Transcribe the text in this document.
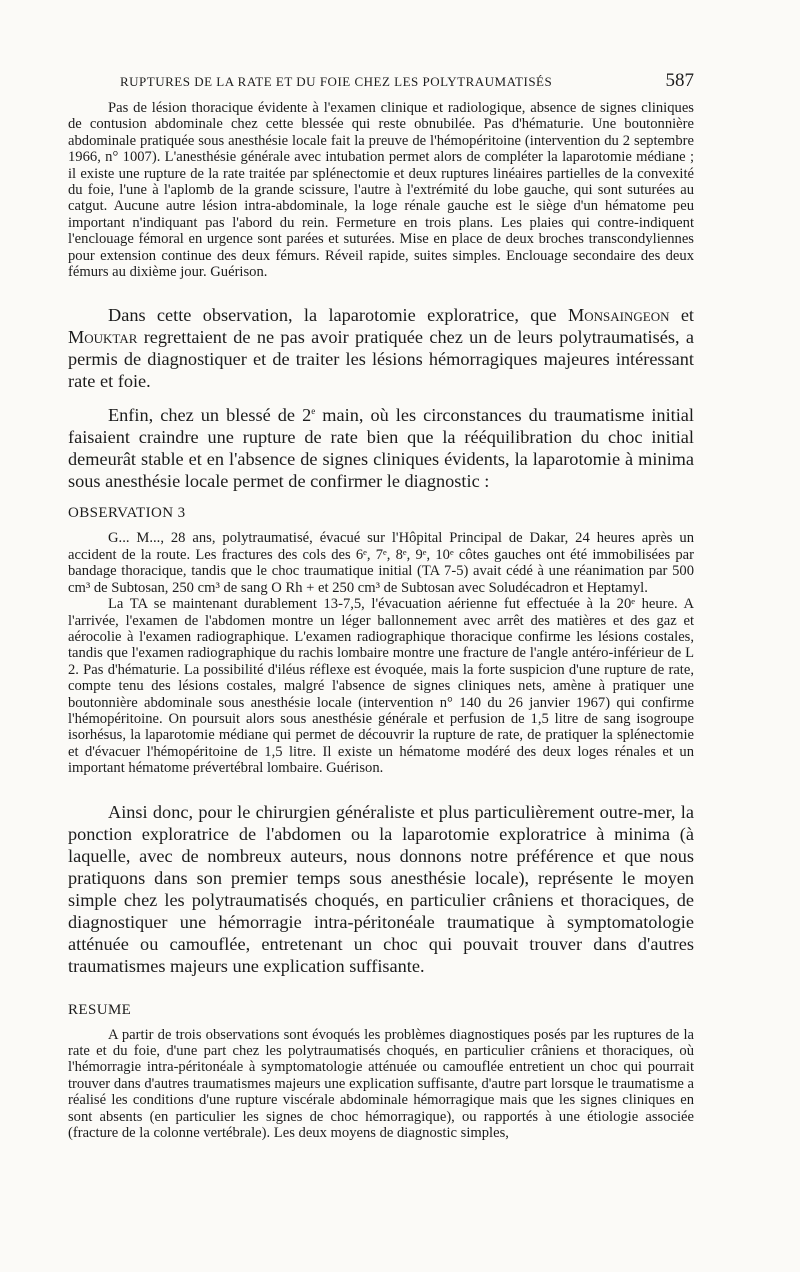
RUPTURES DE LA RATE ET DU FOIE CHEZ LES POLYTRAUMATISÉS	587

Pas de lésion thoracique évidente à l'examen clinique et radiologique, absence de signes cliniques de contusion abdominale chez cette blessée qui reste obnubilée. Pas d'hématurie. Une boutonnière abdominale pratiquée sous anesthésie locale fait la preuve de l'hémopéritoine (intervention du 2 septembre 1966, n° 1007). L'anesthésie générale avec intubation permet alors de compléter la laparotomie médiane ; il existe une rupture de la rate traitée par splénectomie et deux ruptures linéaires partielles de la convexité du foie, l'une à l'aplomb de la grande scissure, l'autre à l'extrémité du lobe gauche, qui sont suturées au catgut. Aucune autre lésion intra-abdominale, la loge rénale gauche est le siège d'un hématome peu important n'indiquant pas l'abord du rein. Fermeture en trois plans. Les plaies qui contre-indiquent l'enclouage fémoral en urgence sont parées et suturées. Mise en place de deux broches transcondyliennes pour extension continue des deux fémurs. Réveil rapide, suites simples. Enclouage secondaire des deux fémurs au dixième jour. Guérison.

Dans cette observation, la laparotomie exploratrice, que Monsaingeon et Mouktar regrettaient de ne pas avoir pratiquée chez un de leurs polytraumatisés, a permis de diagnostiquer et de traiter les lésions hémorragiques majeures intéressant rate et foie.

Enfin, chez un blessé de 2e main, où les circonstances du traumatisme initial faisaient craindre une rupture de rate bien que la rééquilibration du choc initial demeurât stable et en l'absence de signes cliniques évidents, la laparotomie à minima sous anesthésie locale permet de confirmer le diagnostic :

OBSERVATION 3

G... M..., 28 ans, polytraumatisé, évacué sur l'Hôpital Principal de Dakar, 24 heures après un accident de la route. Les fractures des cols des 6ᵉ, 7ᵉ, 8ᵉ, 9ᵉ, 10ᵉ côtes gauches ont été immobilisées par bandage thoracique, tandis que le choc traumatique initial (TA 7-5) avait cédé à une réanimation par 500 cm³ de Subtosan, 250 cm³ de sang O Rh + et 250 cm³ de Subtosan avec Soludécadron et Heptamyl.

La TA se maintenant durablement 13-7,5, l'évacuation aérienne fut effectuée à la 20ᵉ heure. A l'arrivée, l'examen de l'abdomen montre un léger ballonnement avec arrêt des matières et des gaz et aérocolie à l'examen radiographique. L'examen radiographique thoracique confirme les lésions costales, tandis que l'examen radiographique du rachis lombaire montre une fracture de l'angle antéro-inférieur de L 2. Pas d'hématurie. La possibilité d'iléus réflexe est évoquée, mais la forte suspicion d'une rupture de rate, compte tenu des lésions costales, malgré l'absence de signes cliniques nets, amène à pratiquer une boutonnière abdominale sous anesthésie locale (intervention n° 140 du 26 janvier 1967) qui confirme l'hémopéritoine. On poursuit alors sous anesthésie générale et perfusion de 1,5 litre de sang isogroupe isorhésus, la laparotomie médiane qui permet de découvrir la rupture de rate, de pratiquer la splénectomie et d'évacuer l'hémopéritoine de 1,5 litre. Il existe un hématome modéré des deux loges rénales et un important hématome prévertébral lombaire. Guérison.

Ainsi donc, pour le chirurgien généraliste et plus particulièrement outre-mer, la ponction exploratrice de l'abdomen ou la laparotomie exploratrice à minima (à laquelle, avec de nombreux auteurs, nous donnons notre préférence et que nous pratiquons dans son premier temps sous anesthésie locale), représente le moyen simple chez les polytraumatisés choqués, en particulier crâniens et thoraciques, de diagnostiquer une hémorragie intra-péritonéale traumatique à symptomatologie atténuée ou camouflée, entretenant un choc qui pouvait trouver dans d'autres traumatismes majeurs une explication suffisante.

RESUME

A partir de trois observations sont évoqués les problèmes diagnostiques posés par les ruptures de la rate et du foie, d'une part chez les polytraumatisés choqués, en particulier crâniens et thoraciques, où l'hémorragie intra-péritonéale à symptomatologie atténuée ou camouflée entretient un choc qui pourrait trouver dans d'autres traumatismes majeurs une explication suffisante, d'autre part lorsque le traumatisme a réalisé les conditions d'une rupture viscérale abdominale hémorragique mais que les signes cliniques en sont absents (en particulier les signes de choc hémorragique), ou rapportés à une étiologie associée (fracture de la colonne vertébrale). Les deux moyens de diagnostic simples,
